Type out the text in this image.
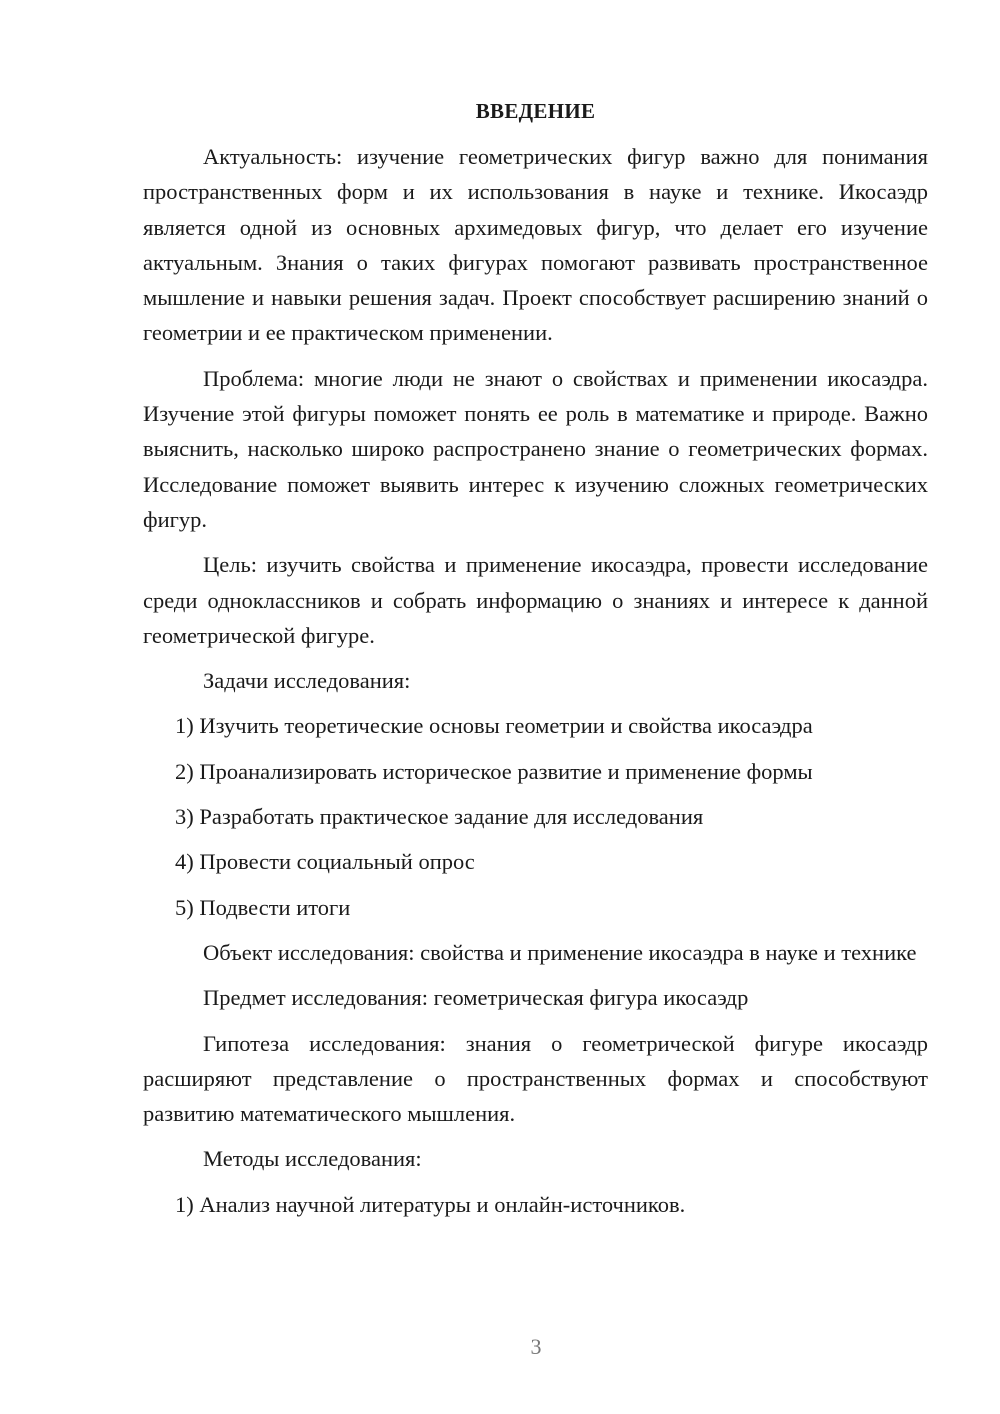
ВВЕДЕНИЕ

Актуальность: изучение геометрических фигур важно для понимания пространственных форм и их использования в науке и технике. Икосаэдр является одной из основных архимедовых фигур, что делает его изучение актуальным. Знания о таких фигурах помогают развивать пространственное мышление и навыки решения задач. Проект способствует расширению знаний о геометрии и ее практическом применении.

Проблема: многие люди не знают о свойствах и применении икосаэдра. Изучение этой фигуры поможет понять ее роль в математике и природе. Важно выяснить, насколько широко распространено знание о геометрических формах. Исследование поможет выявить интерес к изучению сложных геометрических фигур.

Цель: изучить свойства и применение икосаэдра, провести исследование среди одноклассников и собрать информацию о знаниях и интересе к данной геометрической фигуре.

Задачи исследования:

1) Изучить теоретические основы геометрии и свойства икосаэдра
2) Проанализировать историческое развитие и применение формы
3) Разработать практическое задание для исследования
4) Провести социальный опрос
5) Подвести итоги

Объект исследования: свойства и применение икосаэдра в науке и технике

Предмет исследования: геометрическая фигура икосаэдр

Гипотеза исследования: знания о геометрической фигуре икосаэдр расширяют представление о пространственных формах и способствуют развитию математического мышления.

Методы исследования:

1) Анализ научной литературы и онлайн-источников.
3
